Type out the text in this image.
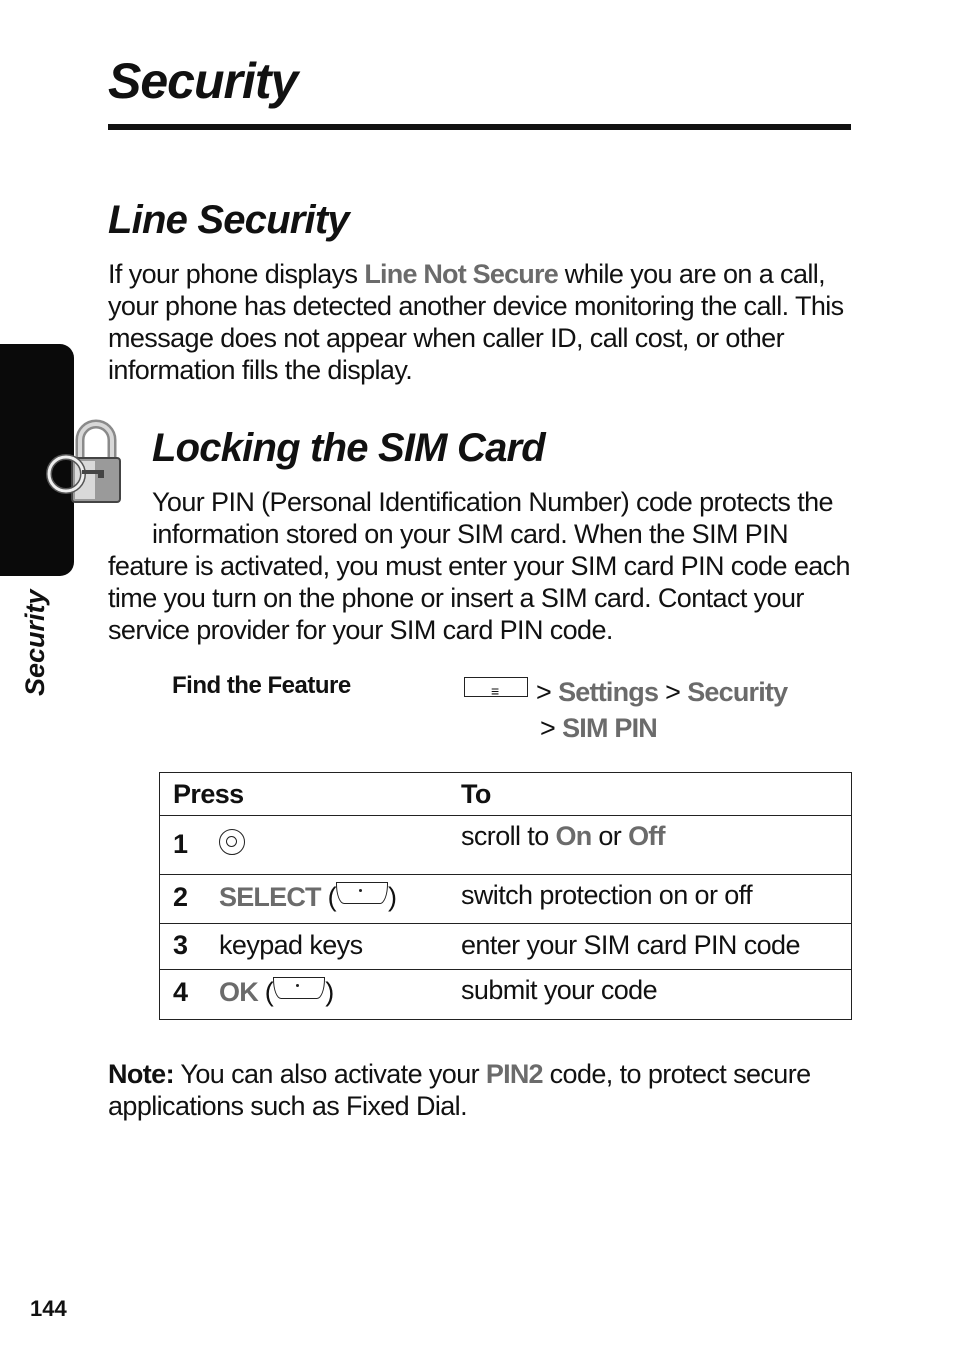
Security
Security
Line Security
If your phone displays Line Not Secure while you are on a call, your phone has detected another device monitoring the call. This message does not appear when caller ID, call cost, or other information fills the display.
Locking the SIM Card
Your PIN (Personal Identification Number) code protects the information stored on your SIM card. When the SIM PIN
feature is activated, you must enter your SIM card PIN code each time you turn on the phone or insert a SIM card. Contact your service provider for your SIM card PIN code.
Find the Feature ≡	> Settings > Security
> SIM PIN
Press		To
1		scroll to On or Off
2	SELECT ( )	switch protection on or off
3	keypad keys	enter your SIM card PIN code
4	OK ( )	submit your code
Note: You can also activate your PIN2 code, to protect secure applications such as Fixed Dial.
144
